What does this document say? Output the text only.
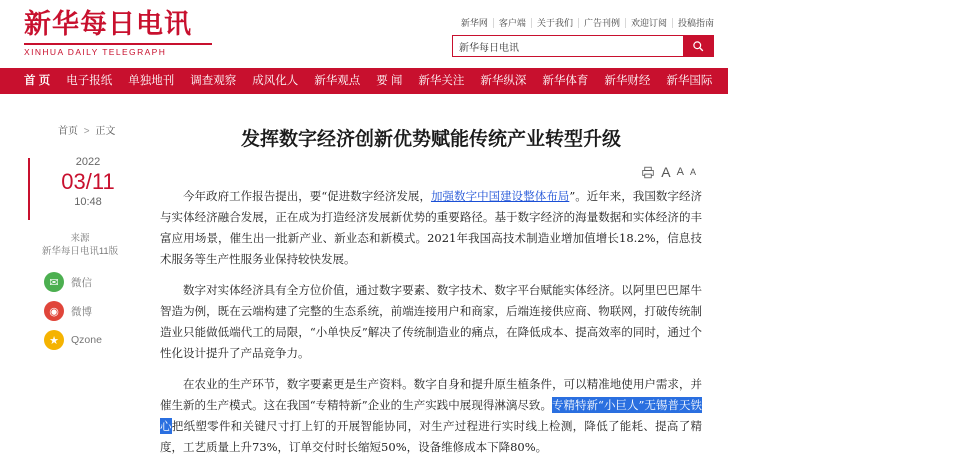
新华每日电讯
XINHUA DAILY TELEGRAPH
新华网	客户端	关于我们	广告刊例	欢迎订阅	投稿指南
新华每日电讯
首 页	电子报纸	单独地刊	调查观察	成风化人	新华观点	要 闻	新华关注	新华纵深	新华体育	新华财经	新华国际	新华视媒	精彩专题	医卫健康	看天下
首页 > 正文
2022
03/11
10:48
来源
新华每日电讯11版
✉	微信
◉	微博
★	Qzone
发挥数字经济创新优势赋能传统产业转型升级
A A A

今年政府工作报告提出，要“促进数字经济发展，加强数字中国建设整体布局”。近年来，我国数字经济与实体经济融合发展，正在成为打造经济发展新优势的重要路径。基于数字经济的海量数据和实体经济的丰富应用场景，催生出一批新产业、新业态和新模式。2021年我国高技术制造业增加值增长18.2%，信息技术服务等生产性服务业保持较快发展。

数字对实体经济具有全方位价值，通过数字要素、数字技术、数字平台赋能实体经济。以阿里巴巴犀牛智造为例，既在云端构建了完整的生态系统，前端连接用户和商家，后端连接供应商、物联网，打破传统制造业只能做低端代工的局限，“小单快反”解决了传统制造业的痛点，在降低成本、提高效率的同时，通过个性化设计提升了产品竞争力。

在农业的生产环节，数字要素更是生产资料。数字自身和提升原生植条件，可以精准地使用户需求，并催生新的生产模式。这在我国“专精特新”企业的生产实践中展现得淋漓尽致。专精特新“小巨人”无锡普天铁心把纸塑零件和关键尺寸打上钉的开展智能协同，对生产过程进行实时线上检测，降低了能耗、提高了精度，工艺质量上升73%，订单交付时长缩短50%，设备维修成本下降80%。
